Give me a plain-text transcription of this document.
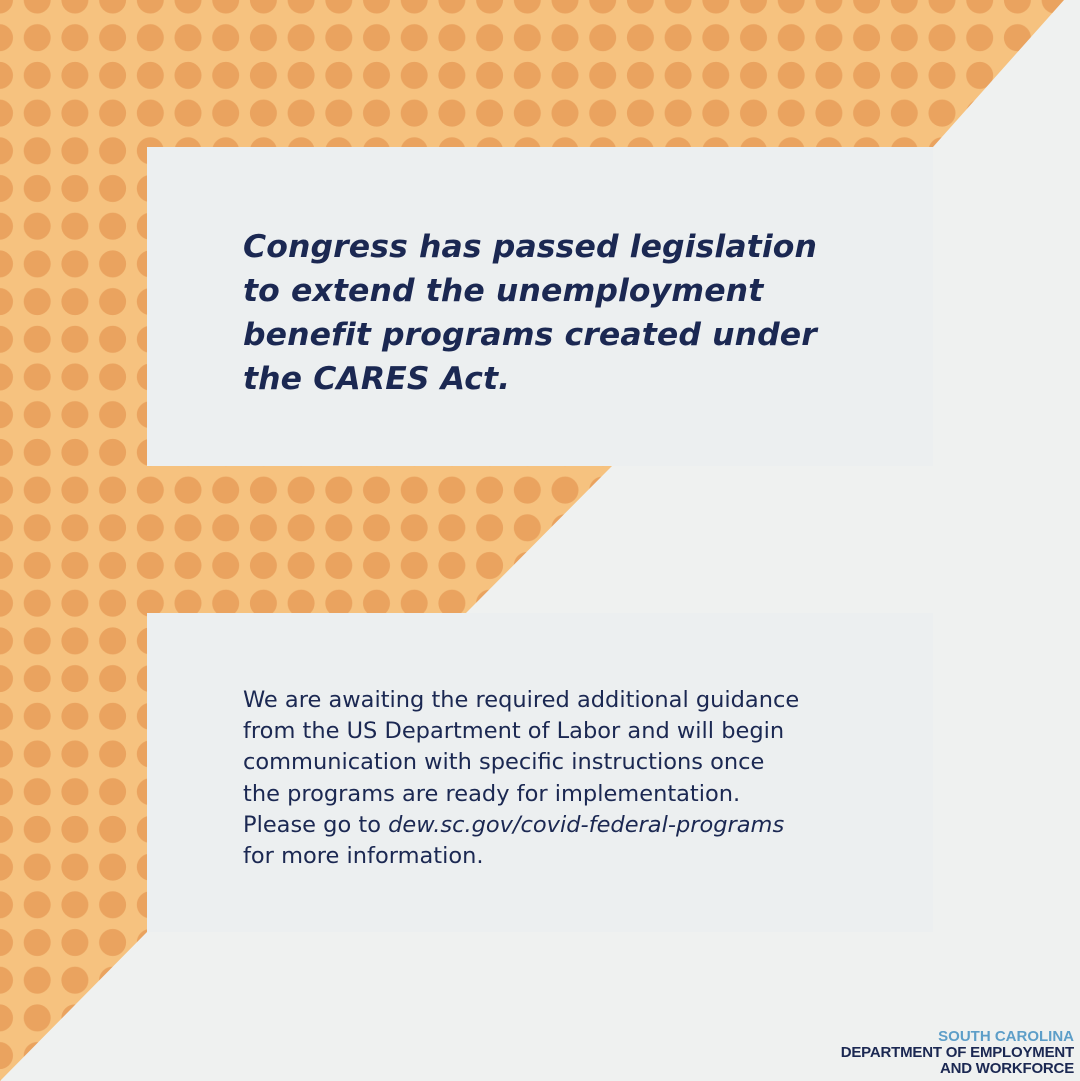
Congress has passed legislation to extend the unemployment benefit programs created under the CARES Act.

We are awaiting the required additional guidance
from the US Department of Labor and will begin
communication with specific instructions once
the programs are ready for implementation.
Please go to dew.sc.gov/covid-federal-programs
for more information.

SOUTH CAROLINA
DEPARTMENT OF EMPLOYMENT
AND WORKFORCE
